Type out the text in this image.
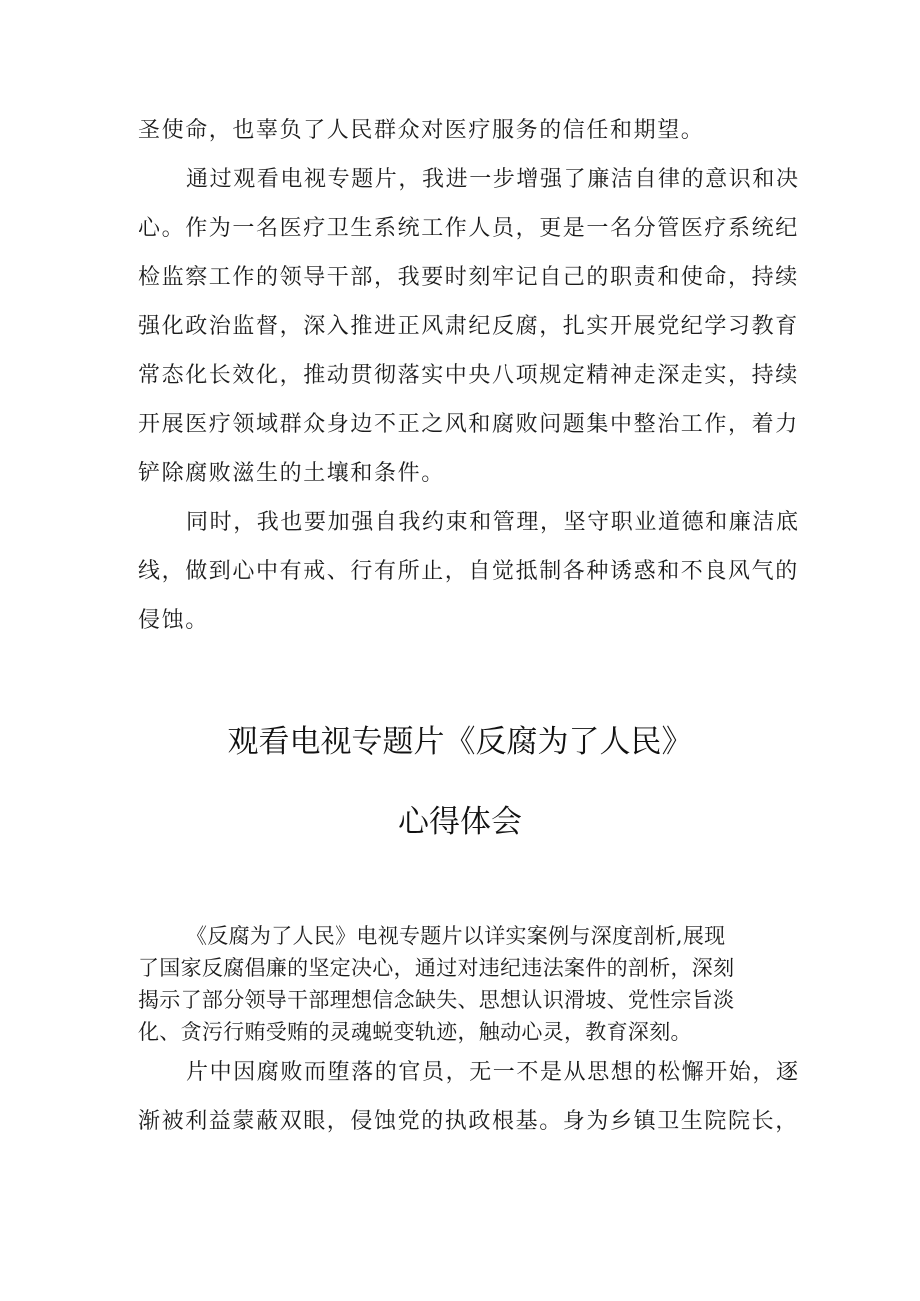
圣使命，也辜负了人民群众对医疗服务的信任和期望。
通过观看电视专题片，我进一步增强了廉洁自律的意识和决
心。作为一名医疗卫生系统工作人员，更是一名分管医疗系统纪
检监察工作的领导干部，我要时刻牢记自己的职责和使命，持续
强化政治监督，深入推进正风肃纪反腐，扎实开展党纪学习教育
常态化长效化，推动贯彻落实中央八项规定精神走深走实，持续
开展医疗领域群众身边不正之风和腐败问题集中整治工作，着力
铲除腐败滋生的土壤和条件。
同时，我也要加强自我约束和管理，坚守职业道德和廉洁底
线，做到心中有戒、行有所止，自觉抵制各种诱惑和不良风气的
侵蚀。
观看电视专题片《反腐为了人民》
心得体会
《反腐为了人民》电视专题片以详实案例与深度剖析,展现
了国家反腐倡廉的坚定决心，通过对违纪违法案件的剖析，深刻
揭示了部分领导干部理想信念缺失、思想认识滑坡、党性宗旨淡
化、贪污行贿受贿的灵魂蜕变轨迹，触动心灵，教育深刻。
片中因腐败而堕落的官员，无一不是从思想的松懈开始，逐
渐被利益蒙蔽双眼，侵蚀党的执政根基。身为乡镇卫生院院长，
